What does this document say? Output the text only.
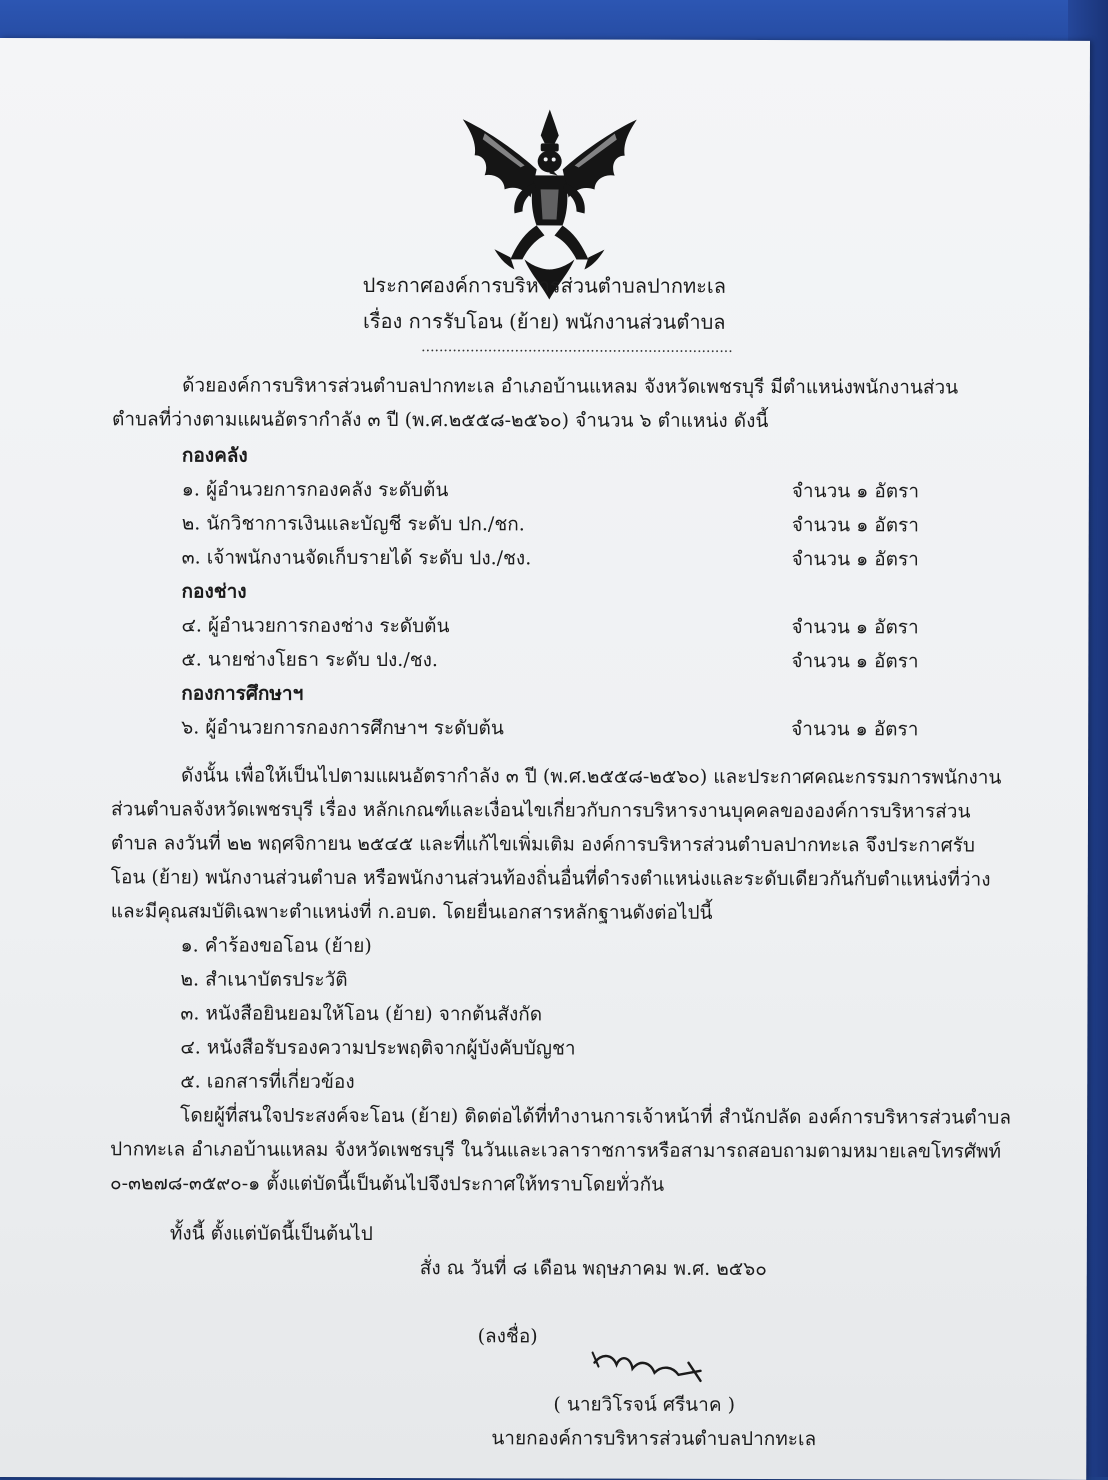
ประกาศองค์การบริหารส่วนตำบลปากทะเล
เรื่อง การรับโอน (ย้าย) พนักงานส่วนตำบล
......................................................................
ด้วยองค์การบริหารส่วนตำบลปากทะเล อำเภอบ้านแหลม จังหวัดเพชรบุรี มีตำแหน่งพนักงานส่วน
ตำบลที่ว่างตามแผนอัตรากำลัง ๓ ปี (พ.ศ.๒๕๕๘-๒๕๖๐) จำนวน ๖ ตำแหน่ง ดังนี้
กองคลัง
๑. ผู้อำนวยการกองคลัง ระดับต้น	จำนวน ๑ อัตรา
๒. นักวิชาการเงินและบัญชี ระดับ ปก./ชก.	จำนวน ๑ อัตรา
๓. เจ้าพนักงานจัดเก็บรายได้ ระดับ ปง./ชง.	จำนวน ๑ อัตรา
กองช่าง
๔. ผู้อำนวยการกองช่าง ระดับต้น	จำนวน ๑ อัตรา
๕. นายช่างโยธา ระดับ ปง./ชง.	จำนวน ๑ อัตรา
กองการศึกษาฯ
๖. ผู้อำนวยการกองการศึกษาฯ ระดับต้น	จำนวน ๑ อัตรา
ดังนั้น เพื่อให้เป็นไปตามแผนอัตรากำลัง ๓ ปี (พ.ศ.๒๕๕๘-๒๕๖๐) และประกาศคณะกรรมการพนักงาน
ส่วนตำบลจังหวัดเพชรบุรี เรื่อง หลักเกณฑ์และเงื่อนไขเกี่ยวกับการบริหารงานบุคคลขององค์การบริหารส่วน
ตำบล ลงวันที่ ๒๒ พฤศจิกายน ๒๕๔๕ และที่แก้ไขเพิ่มเติม องค์การบริหารส่วนตำบลปากทะเล จึงประกาศรับ
โอน (ย้าย) พนักงานส่วนตำบล หรือพนักงานส่วนท้องถิ่นอื่นที่ดำรงตำแหน่งและระดับเดียวกันกับตำแหน่งที่ว่าง
และมีคุณสมบัติเฉพาะตำแหน่งที่ ก.อบต. โดยยื่นเอกสารหลักฐานดังต่อไปนี้
๑. คำร้องขอโอน (ย้าย)
๒. สำเนาบัตรประวัติ
๓. หนังสือยินยอมให้โอน (ย้าย) จากต้นสังกัด
๔. หนังสือรับรองความประพฤติจากผู้บังคับบัญชา
๕. เอกสารที่เกี่ยวข้อง
โดยผู้ที่สนใจประสงค์จะโอน (ย้าย) ติดต่อได้ที่ทำงานการเจ้าหน้าที่ สำนักปลัด องค์การบริหารส่วนตำบล
ปากทะเล อำเภอบ้านแหลม จังหวัดเพชรบุรี ในวันและเวลาราชการหรือสามารถสอบถามตามหมายเลขโทรศัพท์
๐-๓๒๗๘-๓๕๙๐-๑ ตั้งแต่บัดนี้เป็นต้นไปจึงประกาศให้ทราบโดยทั่วกัน
ทั้งนี้ ตั้งแต่บัดนี้เป็นต้นไป
สั่ง ณ วันที่ ๘ เดือน พฤษภาคม พ.ศ. ๒๕๖๐
(ลงชื่อ)
( นายวิโรจน์ ศรีนาค )
นายกองค์การบริหารส่วนตำบลปากทะเล
